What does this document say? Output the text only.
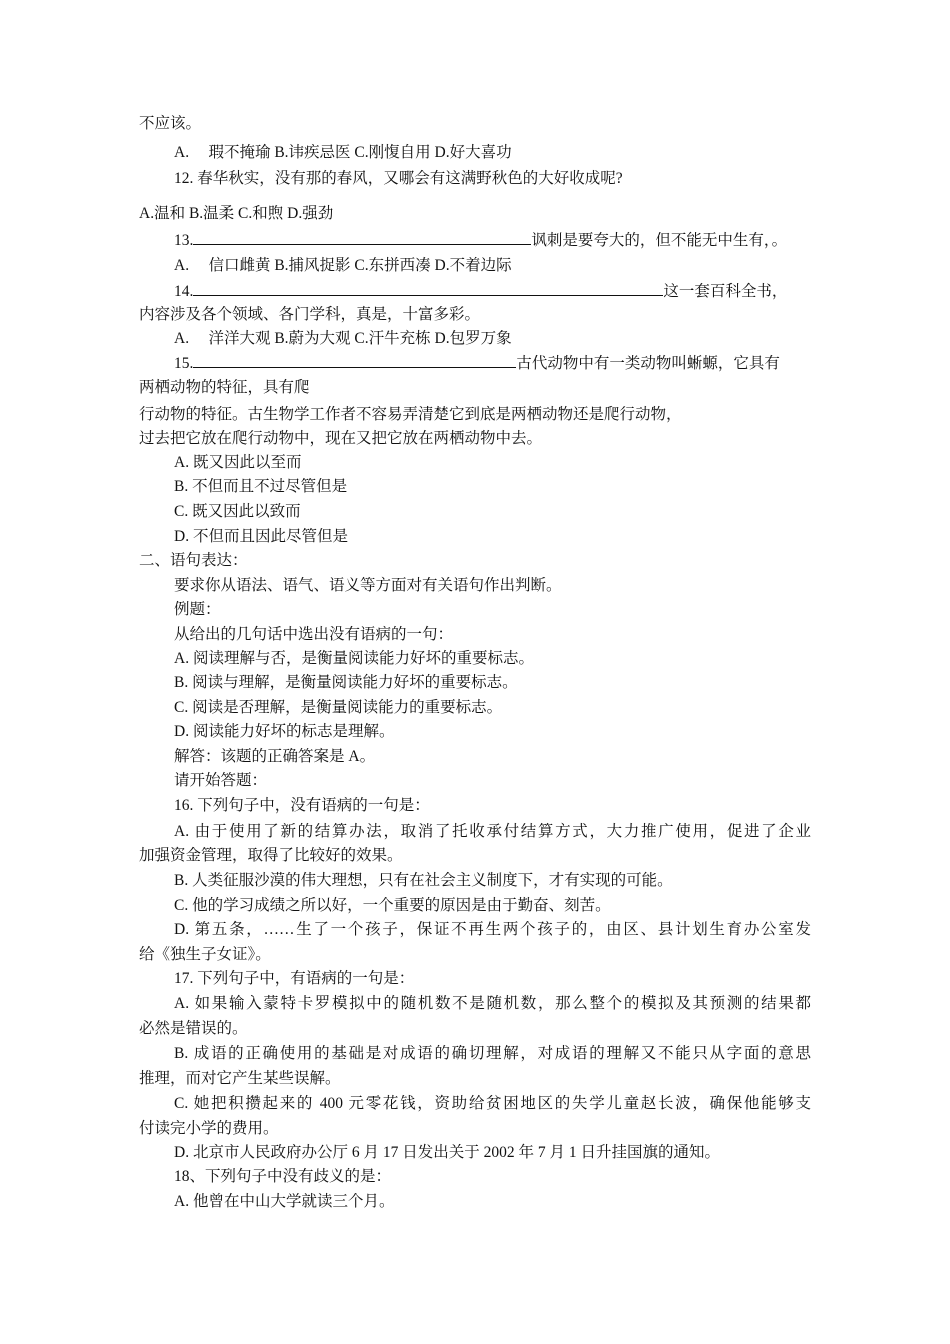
不应该。
A.　 瑕不掩瑜 B.讳疾忌医 C.刚愎自用 D.好大喜功
12. 春华秋实，没有那的春风，又哪会有这满野秋色的大好收成呢?
A.温和 B.温柔 C.和煦 D.强劲
13.	讽刺是要夸大的，但不能无中生有，。
A.　 信口雌黄 B.捕风捉影 C.东拼西凑 D.不着边际
14.	这一套百科全书，
内容涉及各个领域、各门学科，真是，十富多彩。
A.　 洋洋大观 B.蔚为大观 C.汗牛充栋 D.包罗万象
15.	古代动物中有一类动物叫蜥螈，它具有
两栖动物的特征，具有爬
行动物的特征。古生物学工作者不容易弄清楚它到底是两栖动物还是爬行动物，
过去把它放在爬行动物中，现在又把它放在两栖动物中去。
A. 既又因此以至而
B. 不但而且不过尽管但是
C. 既又因此以致而
D. 不但而且因此尽管但是
二、语句表达：
要求你从语法、语气、语义等方面对有关语句作出判断。
例题：
从给出的几句话中选出没有语病的一句：
A. 阅读理解与否，是衡量阅读能力好坏的重要标志。
B. 阅读与理解，是衡量阅读能力好坏的重要标志。
C. 阅读是否理解，是衡量阅读能力的重要标志。
D. 阅读能力好坏的标志是理解。
解答：该题的正确答案是 A。
请开始答题：
16. 下列句子中，没有语病的一句是：
A. 由于使用了新的结算办法，取消了托收承付结算方式，大力推广使用，促进了企业
加强资金管理，取得了比较好的效果。
B. 人类征服沙漠的伟大理想，只有在社会主义制度下，才有实现的可能。
C. 他的学习成绩之所以好，一个重要的原因是由于勤奋、刻苦。
D. 第五条，……生了一个孩子，保证不再生两个孩子的，由区、县计划生育办公室发
给《独生子女证》。
17. 下列句子中，有语病的一句是：
A. 如果输入蒙特卡罗模拟中的随机数不是随机数，那么整个的模拟及其预测的结果都
必然是错误的。
B. 成语的正确使用的基础是对成语的确切理解，对成语的理解又不能只从字面的意思
推理，而对它产生某些误解。
C. 她把积攒起来的 400 元零花钱，资助给贫困地区的失学儿童赵长波，确保他能够支
付读完小学的费用。
D. 北京市人民政府办公厅 6 月 17 日发出关于 2002 年 7 月 1 日升挂国旗的通知。
18、下列句子中没有歧义的是：
A. 他曾在中山大学就读三个月。
